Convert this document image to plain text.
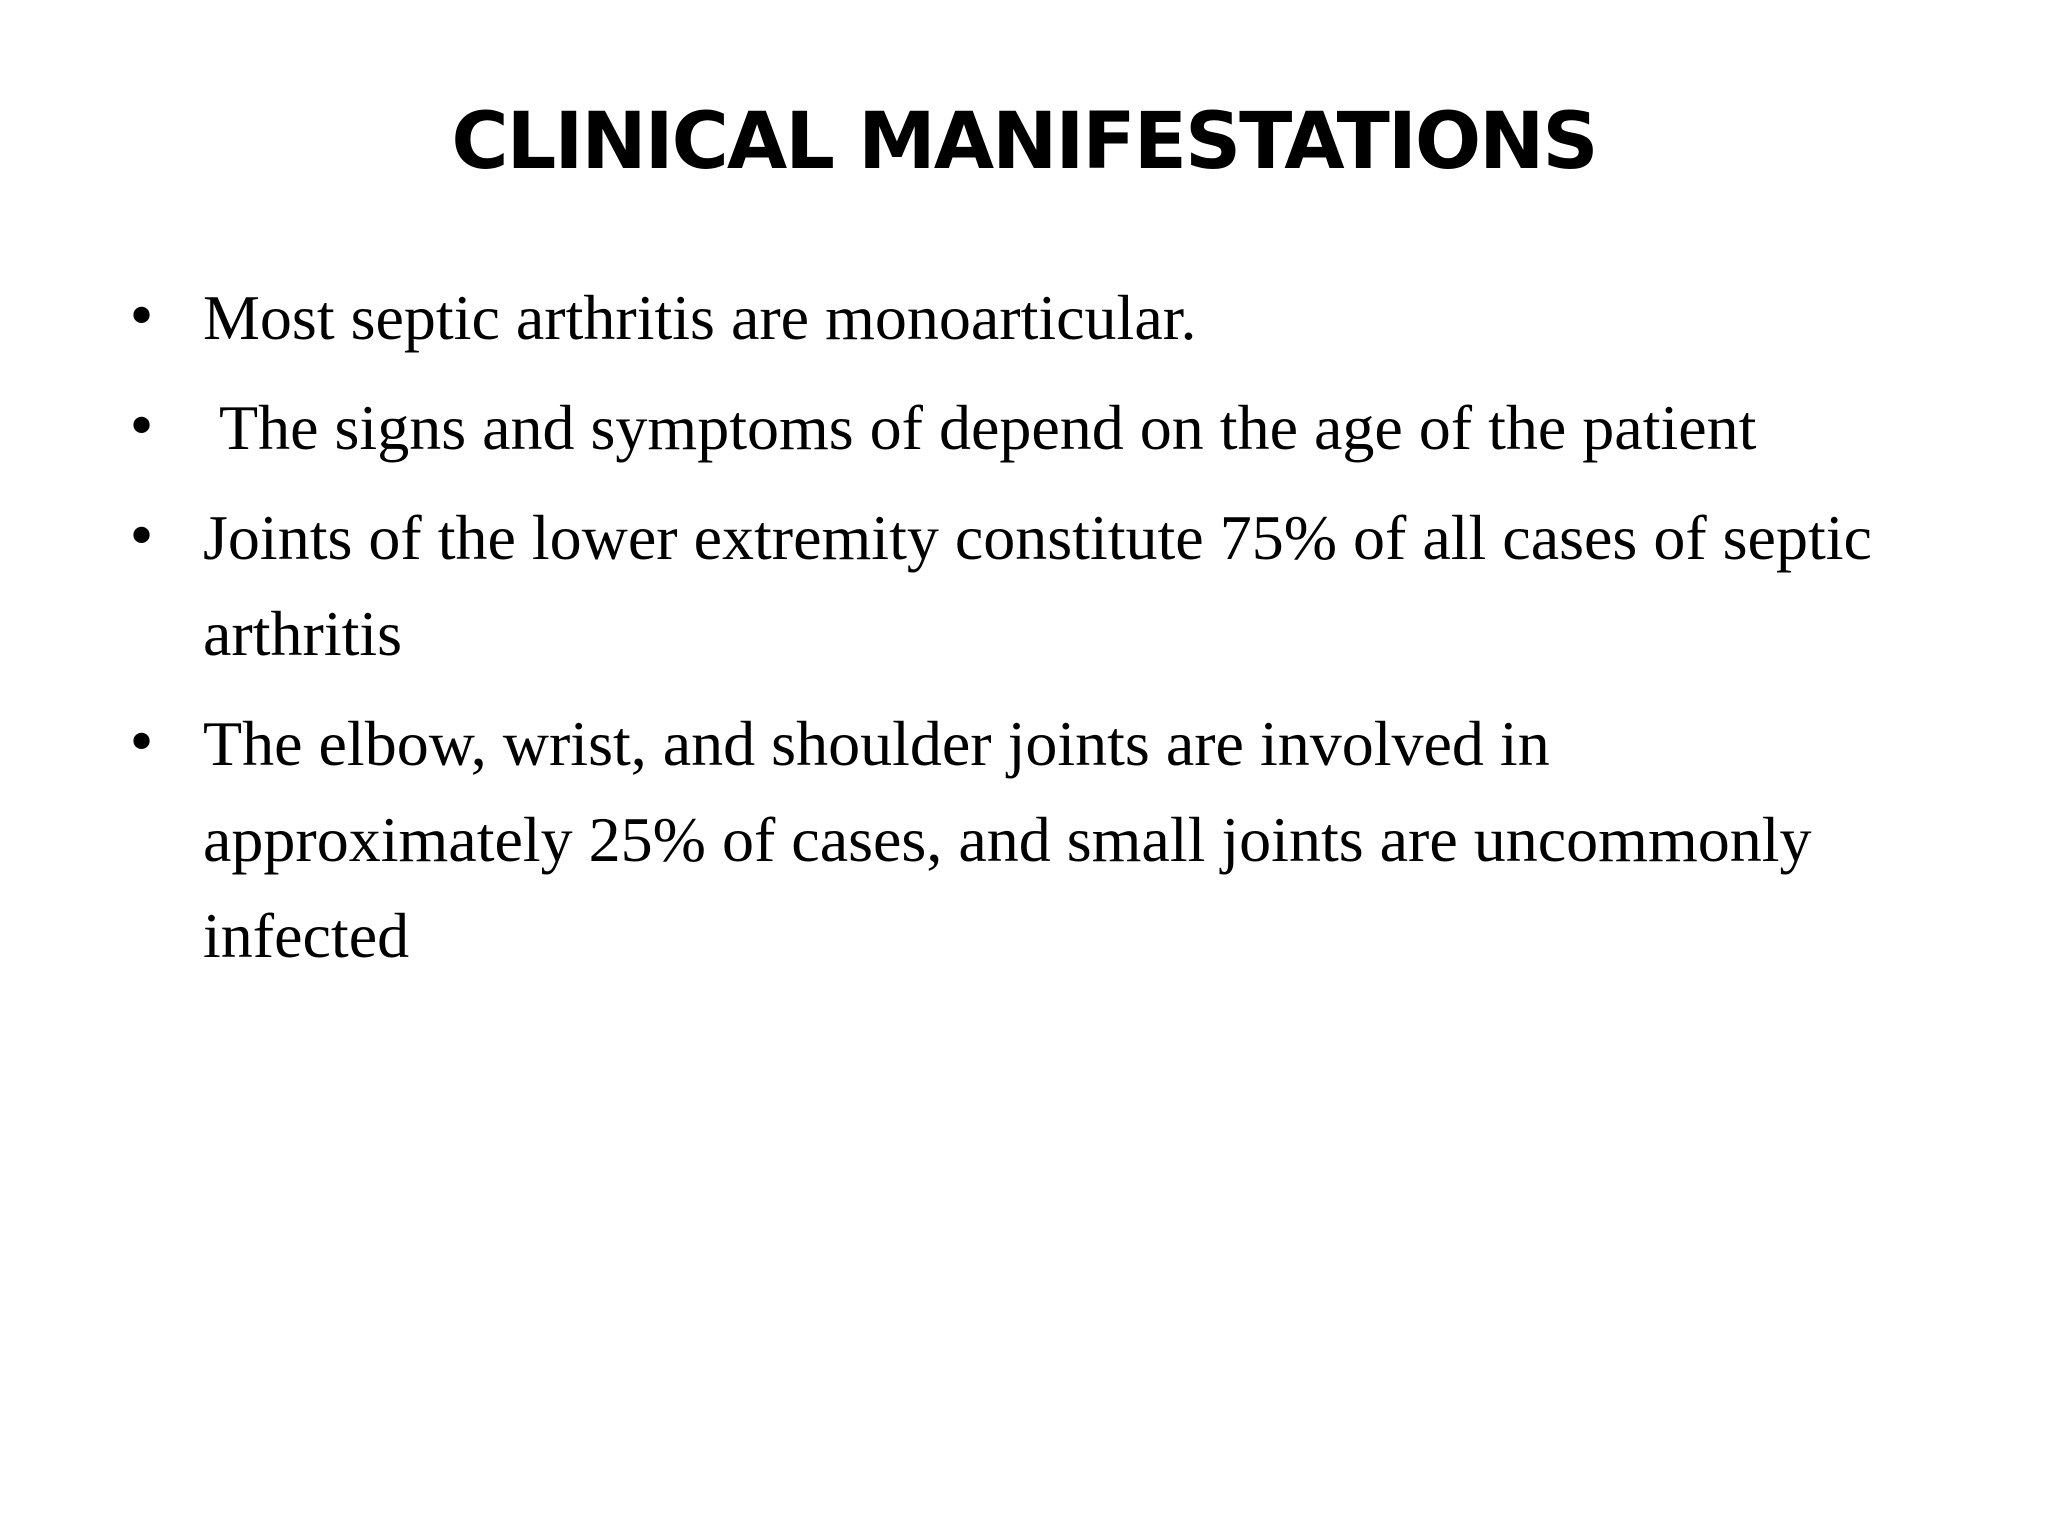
CLINICAL MANIFESTATIONS
• Most septic arthritis are monoarticular.
• The signs and symptoms of depend on the age of the patient
• Joints of the lower extremity constitute 75% of all cases of septic arthritis
• The elbow, wrist, and shoulder joints are involved in approximately 25% of cases, and small joints are uncommonly infected
